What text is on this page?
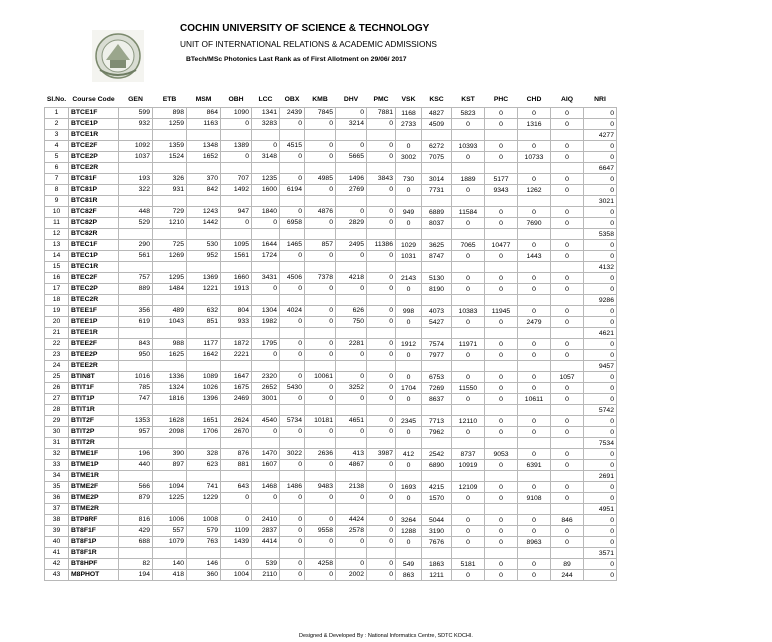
COCHIN UNIVERSITY OF SCIENCE & TECHNOLOGY
UNIT OF INTERNATIONAL RELATIONS & ACADEMIC ADMISSIONS
BTech/MSc Photonics Last Rank as of First Allotment on 29/06/ 2017
Sl.No.	Course Code	GEN	ETB	MSM	OBH	LCC	OBX	KMB	DHV	PMC	VSK	KSC	KST	PHC	CHD	AIQ	NRI
1	BTCE1F	599	898	864	1090	1341	2439	7845	0	7881	1168	4827	5823	0	0	0	0
2	BTCE1P	932	1259	1163	0	3283	0	0	3214	0	2733	4509	0	0	1316	0	0
3	BTCE1R																4277
4	BTCE2F	1092	1359	1348	1389	0	4515	0	0	0	0	6272	10393	0	0	0	0
5	BTCE2P	1037	1524	1652	0	3148	0	0	5665	0	3002	7075	0	0	10733	0	0
6	BTCE2R																6647
7	BTC81F	193	326	370	707	1235	0	4985	1496	3843	730	3014	1889	5177	0	0	0
8	BTC81P	322	931	842	1492	1600	6194	0	2769	0	0	7731	0	9343	1262	0	0
9	BTC81R																3021
10	BTC82F	448	729	1243	947	1840	0	4876	0	0	949	6889	11584	0	0	0	0
11	BTC82P	529	1210	1442	0	0	6958	0	2829	0	0	8037	0	0	7690	0	0
12	BTC82R																5358
13	BTEC1F	290	725	530	1095	1644	1465	857	2495	11386	1029	3625	7065	10477	0	0	0
14	BTEC1P	561	1269	952	1561	1724	0	0	0	0	1031	8747	0	0	1443	0	0
15	BTEC1R																4132
16	BTEC2F	757	1295	1369	1660	3431	4506	7378	4218	0	2143	5130	0	0	0	0	0
17	BTEC2P	889	1484	1221	1913	0	0	0	0	0	0	8190	0	0	0	0	0
18	BTEC2R																9286
19	BTEE1F	356	489	632	804	1304	4024	0	626	0	998	4073	10383	11945	0	0	0
20	BTEE1P	619	1043	851	933	1982	0	0	750	0	0	5427	0	0	2479	0	0
21	BTEE1R																4621
22	BTEE2F	843	988	1177	1872	1795	0	0	2281	0	1912	7574	11971	0	0	0	0
23	BTEE2P	950	1625	1642	2221	0	0	0	0	0	0	7977	0	0	0	0	0
24	BTEE2R																9457
25	BTIN8T	1016	1336	1089	1647	2320	0	10061	0	0	0	6753	0	0	0	1057	0
26	BTIT1F	785	1324	1026	1675	2652	5430	0	3252	0	1704	7269	11550	0	0	0	0
27	BTIT1P	747	1816	1396	2469	3001	0	0	0	0	0	8637	0	0	10611	0	0
28	BTIT1R																5742
29	BTIT2F	1353	1628	1651	2624	4540	5734	10181	4651	0	2345	7713	12110	0	0	0	0
30	BTIT2P	957	2098	1706	2670	0	0	0	0	0	0	7962	0	0	0	0	0
31	BTIT2R																7534
32	BTME1F	196	390	328	876	1470	3022	2636	413	3987	412	2542	8737	9053	0	0	0
33	BTME1P	440	897	623	881	1607	0	0	4867	0	0	6890	10919	0	6391	0	0
34	BTME1R																2691
35	BTME2F	566	1094	741	643	1468	1486	9483	2138	0	1693	4215	12109	0	0	0	0
36	BTME2P	879	1225	1229	0	0	0	0	0	0	0	1570	0	0	9108	0	0
37	BTME2R																4951
38	BTP8RF	816	1006	1008	0	2410	0	0	4424	0	3264	5044	0	0	0	846	0
39	BT8F1F	429	557	579	1109	2837	0	9558	2578	0	1288	3190	0	0	0	0	0
40	BT8F1P	688	1079	763	1439	4414	0	0	0	0	0	7676	0	0	8963	0	0
41	BT8F1R																3571
42	BT8HPF	82	140	146	0	539	0	4258	0	0	549	1863	5181	0	0	89	0
43	M8PHOT	194	418	360	1004	2110	0	0	2002	0	863	1211	0	0	0	244	0
Designed & Developed By : National Informatics Centre, SDTC KOCHI.
